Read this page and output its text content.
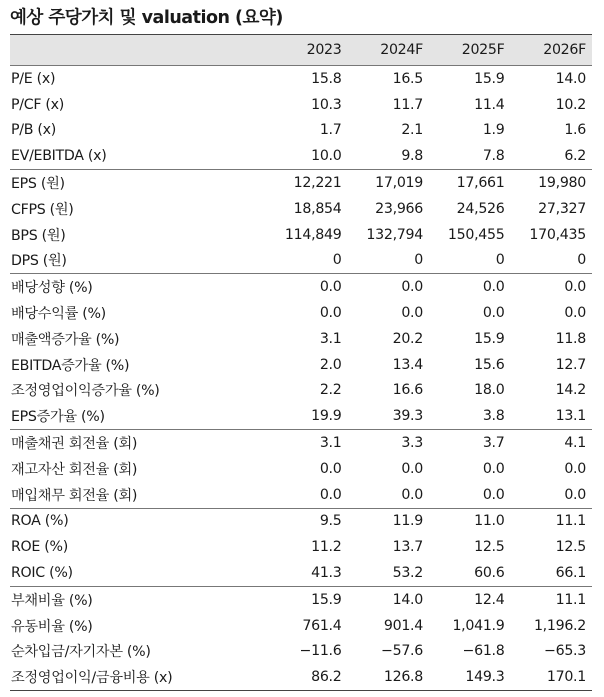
예상 주당가치 및 valuation (요약)
	2023	2024F	2025F	2026F
P/E (x)	15.8	16.5	15.9	14.0
P/CF (x)	10.3	11.7	11.4	10.2
P/B (x)	1.7	2.1	1.9	1.6
EV/EBITDA (x)	10.0	9.8	7.8	6.2
EPS (원)	12,221	17,019	17,661	19,980
CFPS (원)	18,854	23,966	24,526	27,327
BPS (원)	114,849	132,794	150,455	170,435
DPS (원)	0	0	0	0
배당성향 (%)	0.0	0.0	0.0	0.0
배당수익률 (%)	0.0	0.0	0.0	0.0
매출액증가율 (%)	3.1	20.2	15.9	11.8
EBITDA증가율 (%)	2.0	13.4	15.6	12.7
조정영업이익증가율 (%)	2.2	16.6	18.0	14.2
EPS증가율 (%)	19.9	39.3	3.8	13.1
매출채권 회전율 (회)	3.1	3.3	3.7	4.1
재고자산 회전율 (회)	0.0	0.0	0.0	0.0
매입채무 회전율 (회)	0.0	0.0	0.0	0.0
ROA (%)	9.5	11.9	11.0	11.1
ROE (%)	11.2	13.7	12.5	12.5
ROIC (%)	41.3	53.2	60.6	66.1
부채비율 (%)	15.9	14.0	12.4	11.1
유동비율 (%)	761.4	901.4	1,041.9	1,196.2
순차입금/자기자본 (%)	−11.6	−57.6	−61.8	−65.3
조정영업이익/금융비용 (x)	86.2	126.8	149.3	170.1
